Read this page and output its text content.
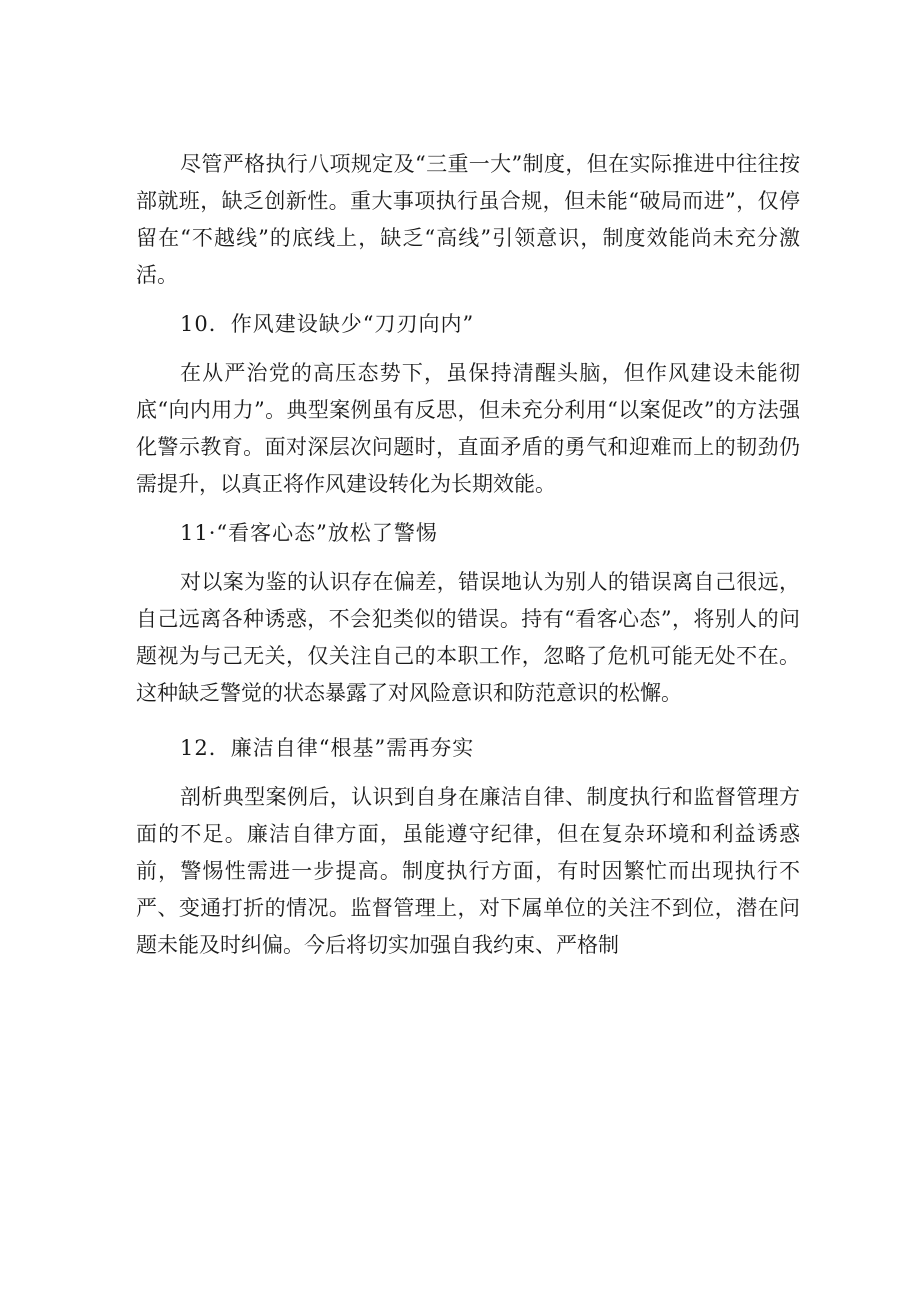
尽管严格执行八项规定及“三重一大”制度，但在实际推进中往往按部就班，缺乏创新性。重大事项执行虽合规，但未能“破局而进”，仅停留在“不越线”的底线上，缺乏“高线”引领意识，制度效能尚未充分激活。

10．作风建设缺少“刀刃向内”

在从严治党的高压态势下，虽保持清醒头脑，但作风建设未能彻底“向内用力”。典型案例虽有反思，但未充分利用“以案促改”的方法强化警示教育。面对深层次问题时，直面矛盾的勇气和迎难而上的韧劲仍需提升，以真正将作风建设转化为长期效能。

11·“看客心态”放松了警惕

对以案为鉴的认识存在偏差，错误地认为别人的错误离自己很远，自己远离各种诱惑，不会犯类似的错误。持有“看客心态”，将别人的问题视为与己无关，仅关注自己的本职工作，忽略了危机可能无处不在。这种缺乏警觉的状态暴露了对风险意识和防范意识的松懈。

12．廉洁自律“根基”需再夯实

剖析典型案例后，认识到自身在廉洁自律、制度执行和监督管理方面的不足。廉洁自律方面，虽能遵守纪律，但在复杂环境和利益诱惑前，警惕性需进一步提高。制度执行方面，有时因繁忙而出现执行不严、变通打折的情况。监督管理上，对下属单位的关注不到位，潜在问题未能及时纠偏。今后将切实加强自我约束、严格制
